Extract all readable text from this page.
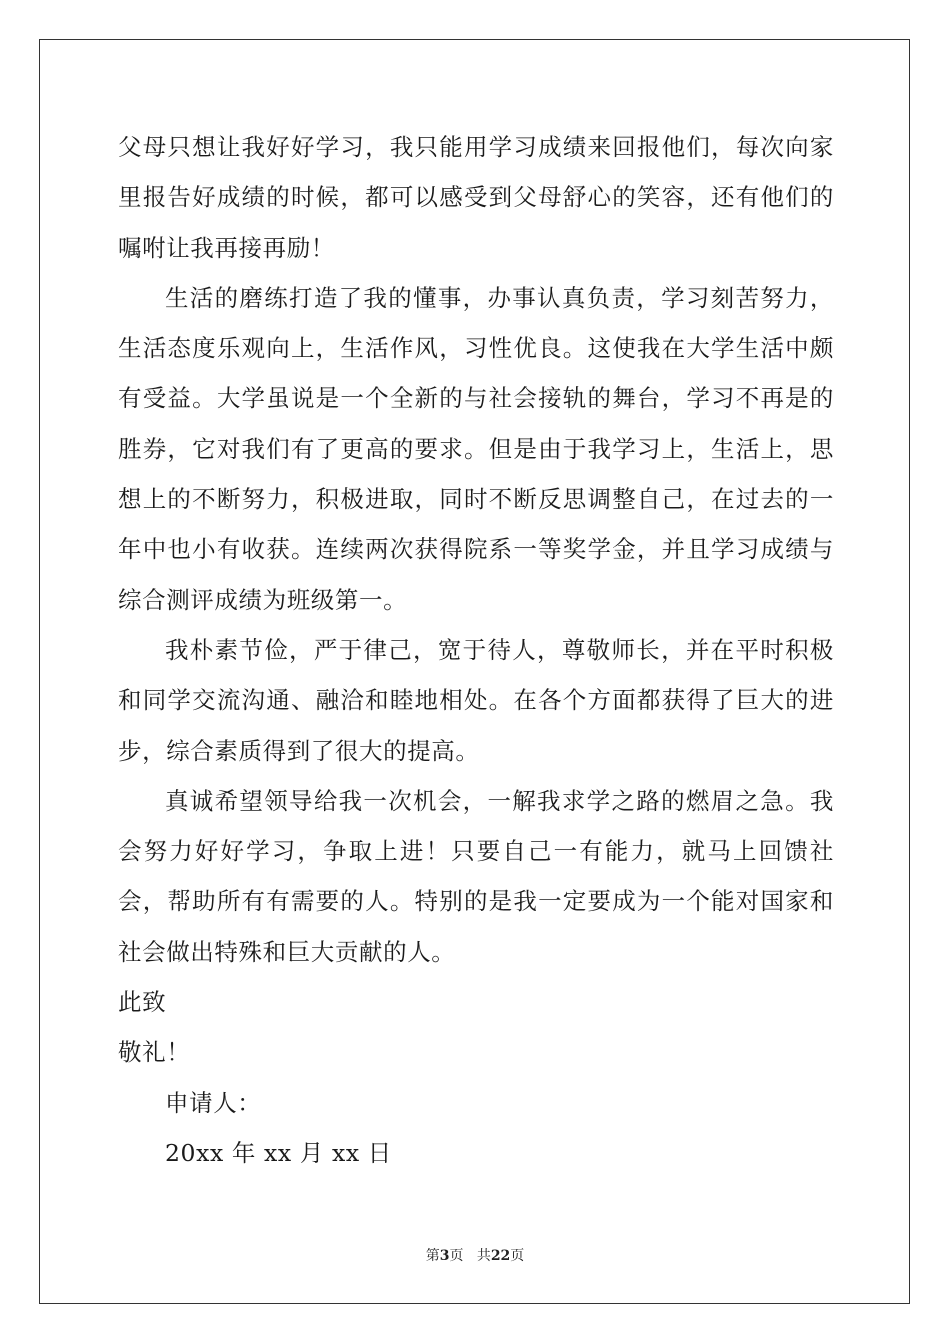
父母只想让我好好学习，我只能用学习成绩来回报他们，每次向家里报告好成绩的时候，都可以感受到父母舒心的笑容，还有他们的嘱咐让我再接再励！

生活的磨练打造了我的懂事，办事认真负责，学习刻苦努力，生活态度乐观向上，生活作风，习性优良。这使我在大学生活中颇有受益。大学虽说是一个全新的与社会接轨的舞台，学习不再是的胜券，它对我们有了更高的要求。但是由于我学习上，生活上，思想上的不断努力，积极进取，同时不断反思调整自己，在过去的一年中也小有收获。连续两次获得院系一等奖学金，并且学习成绩与综合测评成绩为班级第一。

我朴素节俭，严于律己，宽于待人，尊敬师长，并在平时积极和同学交流沟通、融洽和睦地相处。在各个方面都获得了巨大的进步，综合素质得到了很大的提高。

真诚希望领导给我一次机会，一解我求学之路的燃眉之急。我会努力好好学习，争取上进！只要自己一有能力，就马上回馈社会，帮助所有有需要的人。特别的是我一定要成为一个能对国家和社会做出特殊和巨大贡献的人。

此致

敬礼！

申请人：

20xx 年 xx 月 xx 日

第3页 共22页
